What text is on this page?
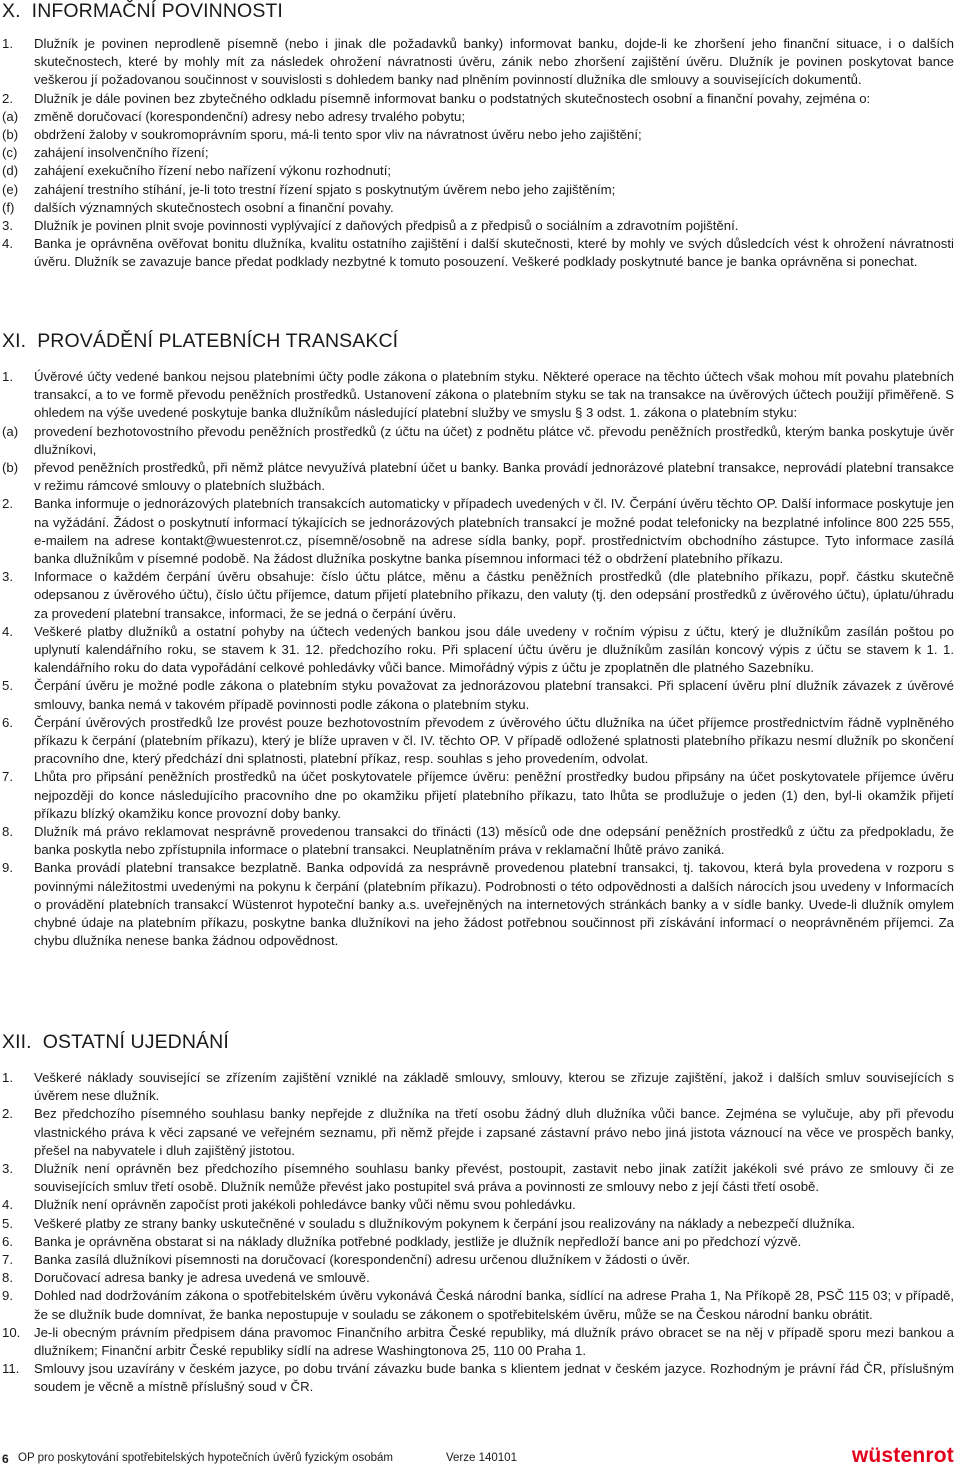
X. INFORMAČNÍ POVINNOSTI
1.	Dlužník je povinen neprodleně písemně (nebo i jinak dle požadavků banky) informovat banku, dojde-li ke zhoršení jeho finanční situace, i o dalších skutečnostech, které by mohly mít za následek ohrožení návratnosti úvěru, zánik nebo zhoršení zajištění úvěru. Dlužník je povinen poskytovat bance veškerou jí požadovanou součinnost v souvislosti s dohledem banky nad plněním povinností dlužníka dle smlouvy a souvisejících dokumentů.
2.	Dlužník je dále povinen bez zbytečného odkladu písemně informovat banku o podstatných skutečnostech osobní a finanční povahy, zejména o:
(a)	změně doručovací (korespondenční) adresy nebo adresy trvalého pobytu;
(b)	obdržení žaloby v soukromoprávním sporu, má-li tento spor vliv na návratnost úvěru nebo jeho zajištění;
(c)	zahájení insolvenčního řízení;
(d)	zahájení exekučního řízení nebo nařízení výkonu rozhodnutí;
(e)	zahájení trestního stíhání, je-li toto trestní řízení spjato s poskytnutým úvěrem nebo jeho zajištěním;
(f)	dalších významných skutečnostech osobní a finanční povahy.
3.	Dlužník je povinen plnit svoje povinnosti vyplývající z daňových předpisů a z předpisů o sociálním a zdravotním pojištění.
4.	Banka je oprávněna ověřovat bonitu dlužníka, kvalitu ostatního zajištění i další skutečnosti, které by mohly ve svých důsledcích vést k ohrožení návratnosti úvěru. Dlužník se zavazuje bance předat podklady nezbytné k tomuto posouzení. Veškeré podklady poskytnuté bance je banka oprávněna si ponechat.
XI. PROVÁDĚNÍ PLATEBNÍCH TRANSAKCÍ
1.	Úvěrové účty vedené bankou nejsou platebními účty podle zákona o platebním styku. Některé operace na těchto účtech však mohou mít povahu platebních transakcí, a to ve formě převodu peněžních prostředků. Ustanovení zákona o platebním styku se tak na transakce na úvěrových účtech použijí přiměřeně. S ohledem na výše uvedené poskytuje banka dlužníkům následující platební služby ve smyslu § 3 odst. 1. zákona o platebním styku:
(a)	provedení bezhotovostního převodu peněžních prostředků (z účtu na účet) z podnětu plátce vč. převodu peněžních prostředků, kterým banka poskytuje úvěr dlužníkovi,
(b)	převod peněžních prostředků, při němž plátce nevyužívá platební účet u banky. Banka provádí jednorázové platební transakce, neprovádí platební transakce v režimu rámcové smlouvy o platebních službách.
2.	Banka informuje o jednorázových platebních transakcích automaticky v případech uvedených v čl. IV. Čerpání úvěru těchto OP. Další informace poskytuje jen na vyžádání. Žádost o poskytnutí informací týkajících se jednorázových platebních transakcí je možné podat telefonicky na bezplatné infolince 800 225 555, e-mailem na adrese kontakt@wuestenrot.cz, písemně/osobně na adrese sídla banky, popř. prostřednictvím obchodního zástupce. Tyto informace zasílá banka dlužníkům v písemné podobě. Na žádost dlužníka poskytne banka písemnou informaci též o obdržení platebního příkazu.
3.	Informace o každém čerpání úvěru obsahuje: číslo účtu plátce, měnu a částku peněžních prostředků (dle platebního příkazu, popř. částku skutečně odepsanou z úvěrového účtu), číslo účtu příjemce, datum přijetí platebního příkazu, den valuty (tj. den odepsání prostředků z úvěrového účtu), úplatu/úhradu za provedení platební transakce, informaci, že se jedná o čerpání úvěru.
4.	Veškeré platby dlužníků a ostatní pohyby na účtech vedených bankou jsou dále uvedeny v ročním výpisu z účtu, který je dlužníkům zasílán poštou po uplynutí kalendářního roku, se stavem k 31. 12. předchozího roku. Při splacení účtu úvěru je dlužníkům zasílán koncový výpis z účtu se stavem k 1. 1. kalendářního roku do data vypořádání celkové pohledávky vůči bance. Mimořádný výpis z účtu je zpoplatněn dle platného Sazebníku.
5.	Čerpání úvěru je možné podle zákona o platebním styku považovat za jednorázovou platební transakci. Při splacení úvěru plní dlužník závazek z úvěrové smlouvy, banka nemá v takovém případě povinnosti podle zákona o platebním styku.
6.	Čerpání úvěrových prostředků lze provést pouze bezhotovostním převodem z úvěrového účtu dlužníka na účet příjemce prostřednictvím řádně vyplněného příkazu k čerpání (platebním příkazu), který je blíže upraven v čl. IV. těchto OP. V případě odložené splatnosti platebního příkazu nesmí dlužník po skončení pracovního dne, který předchází dni splatnosti, platební příkaz, resp. souhlas s jeho provedením, odvolat.
7.	Lhůta pro připsání peněžních prostředků na účet poskytovatele příjemce úvěru: peněžní prostředky budou připsány na účet poskytovatele příjemce úvěru nejpozději do konce následujícího pracovního dne po okamžiku přijetí platebního příkazu, tato lhůta se prodlužuje o jeden (1) den, byl-li okamžik přijetí příkazu blízký okamžiku konce provozní doby banky.
8.	Dlužník má právo reklamovat nesprávně provedenou transakci do třinácti (13) měsíců ode dne odepsání peněžních prostředků z účtu za předpokladu, že banka poskytla nebo zpřístupnila informace o platební transakci. Neuplatněním práva v reklamační lhůtě právo zaniká.
9.	Banka provádí platební transakce bezplatně. Banka odpovídá za nesprávně provedenou platební transakci, tj. takovou, která byla provedena v rozporu s povinnými náležitostmi uvedenými na pokynu k čerpání (platebním příkazu). Podrobnosti o této odpovědnosti a dalších nárocích jsou uvedeny v Informacích o provádění platebních transakcí Wüstenrot hypoteční banky a.s. uveřejněných na internetových stránkách banky a v sídle banky. Uvede-li dlužník omylem chybné údaje na platebním příkazu, poskytne banka dlužníkovi na jeho žádost potřebnou součinnost při získávání informací o neoprávněném příjemci. Za chybu dlužníka nenese banka žádnou odpovědnost.
XII. OSTATNÍ UJEDNÁNÍ
1.	Veškeré náklady související se zřízením zajištění vzniklé na základě smlouvy, smlouvy, kterou se zřizuje zajištění, jakož i dalších smluv souvisejících s úvěrem nese dlužník.
2.	Bez předchozího písemného souhlasu banky nepřejde z dlužníka na třetí osobu žádný dluh dlužníka vůči bance. Zejména se vylučuje, aby při převodu vlastnického práva k věci zapsané ve veřejném seznamu, při němž přejde i zapsané zástavní právo nebo jiná jistota váznoucí na věce ve prospěch banky, přešel na nabyvatele i dluh zajištěný jistotou.
3.	Dlužník není oprávněn bez předchozího písemného souhlasu banky převést, postoupit, zastavit nebo jinak zatížit jakékoli své právo ze smlouvy či ze souvisejících smluv třetí osobě. Dlužník nemůže převést jako postupitel svá práva a povinnosti ze smlouvy nebo z její části třetí osobě.
4.	Dlužník není oprávněn započíst proti jakékoli pohledávce banky vůči němu svou pohledávku.
5.	Veškeré platby ze strany banky uskutečněné v souladu s dlužníkovým pokynem k čerpání jsou realizovány na náklady a nebezpečí dlužníka.
6.	Banka je oprávněna obstarat si na náklady dlužníka potřebné podklady, jestliže je dlužník nepředloží bance ani po předchozí výzvě.
7.	Banka zasílá dlužníkovi písemnosti na doručovací (korespondenční) adresu určenou dlužníkem v žádosti o úvěr.
8.	Doručovací adresa banky je adresa uvedená ve smlouvě.
9.	Dohled nad dodržováním zákona o spotřebitelském úvěru vykonává Česká národní banka, sídlící na adrese Praha 1, Na Příkopě 28, PSČ 115 03; v případě, že se dlužník bude domnívat, že banka nepostupuje v souladu se zákonem o spotřebitelském úvěru, může se na Českou národní banku obrátit.
10.	Je-li obecným právním předpisem dána pravomoc Finančního arbitra České republiky, má dlužník právo obracet se na něj v případě sporu mezi bankou a dlužníkem; Finanční arbitr České republiky sídlí na adrese Washingtonova 25, 110 00 Praha 1.
11.	Smlouvy jsou uzavírány v českém jazyce, po dobu trvání závazku bude banka s klientem jednat v českém jazyce. Rozhodným je právní řád ČR, příslušným soudem je věcně a místně příslušný soud v ČR.
6 OP pro poskytování spotřebitelských hypotečních úvěrů fyzickým osobám	Verze 140101	wüstenrot
